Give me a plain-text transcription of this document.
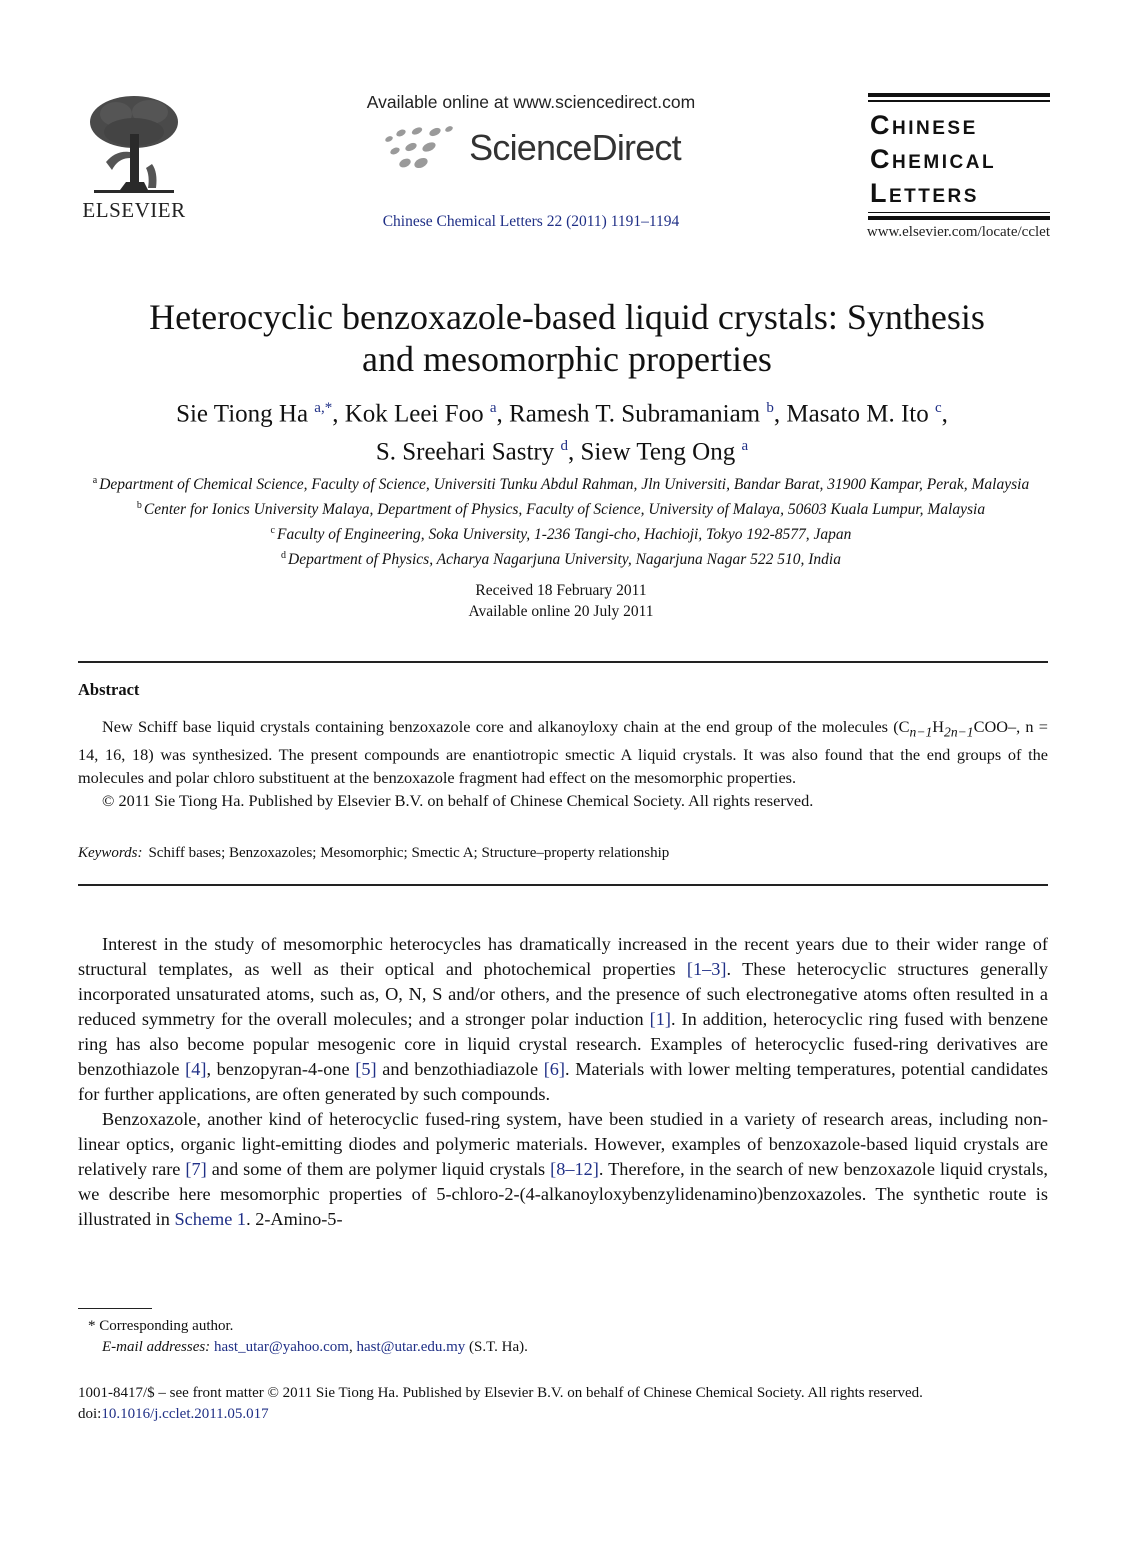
ELSEVIER
Available online at www.sciencedirect.com
ScienceDirect
Chinese Chemical Letters 22 (2011) 1191–1194
Chinese
Chemical
Letters
www.elsevier.com/locate/cclet
Heterocyclic benzoxazole-based liquid crystals: Synthesis
and mesomorphic properties
Sie Tiong Ha $^{a,*}$, Kok Leei Foo $^a$, Ramesh T. Subramaniam $^b$, Masato M. Ito $^c$,
S. Sreehari Sastry $^d$, Siew Teng Ong $^a$
$^a$ Department of Chemical Science, Faculty of Science, Universiti Tunku Abdul Rahman, Jln Universiti, Bandar Barat, 31900 Kampar, Perak, Malaysia
$^b$ Center for Ionics University Malaya, Department of Physics, Faculty of Science, University of Malaya, 50603 Kuala Lumpur, Malaysia
$^c$ Faculty of Engineering, Soka University, 1-236 Tangi-cho, Hachioji, Tokyo 192-8577, Japan
$^d$ Department of Physics, Acharya Nagarjuna University, Nagarjuna Nagar 522 510, India
Received 18 February 2011
Available online 20 July 2011
Abstract

New Schiff base liquid crystals containing benzoxazole core and alkanoyloxy chain at the end group of the molecules ($C_{n-1}H_{2n-1}COO-$, n = 14, 16, 18) was synthesized. The present compounds are enantiotropic smectic A liquid crystals. It was also found that the end groups of the molecules and polar chloro substituent at the benzoxazole fragment had effect on the mesomorphic properties.

© 2011 Sie Tiong Ha. Published by Elsevier B.V. on behalf of Chinese Chemical Society. All rights reserved.

Keywords: Schiff bases; Benzoxazoles; Mesomorphic; Smectic A; Structure–property relationship

Interest in the study of mesomorphic heterocycles has dramatically increased in the recent years due to their wider range of structural templates, as well as their optical and photochemical properties [1–3]. These heterocyclic structures generally incorporated unsaturated atoms, such as, O, N, S and/or others, and the presence of such electronegative atoms often resulted in a reduced symmetry for the overall molecules; and a stronger polar induction [1]. In addition, heterocyclic ring fused with benzene ring has also become popular mesogenic core in liquid crystal research. Examples of heterocyclic fused-ring derivatives are benzothiazole [4], benzopyran-4-one [5] and benzothiadiazole [6]. Materials with lower melting temperatures, potential candidates for further applications, are often generated by such compounds.

Benzoxazole, another kind of heterocyclic fused-ring system, have been studied in a variety of research areas, including non-linear optics, organic light-emitting diodes and polymeric materials. However, examples of benzoxazole-based liquid crystals are relatively rare [7] and some of them are polymer liquid crystals [8–12]. Therefore, in the search of new benzoxazole liquid crystals, we describe here mesomorphic properties of 5-chloro-2-(4-alkanoyloxybenzylidenamino)benzoxazoles. The synthetic route is illustrated in Scheme 1. 2-Amino-5-

* Corresponding author.
E-mail addresses: hast_utar@yahoo.com, hast@utar.edu.my (S.T. Ha).
1001-8417/$ – see front matter © 2011 Sie Tiong Ha. Published by Elsevier B.V. on behalf of Chinese Chemical Society. All rights reserved.
doi:10.1016/j.cclet.2011.05.017
